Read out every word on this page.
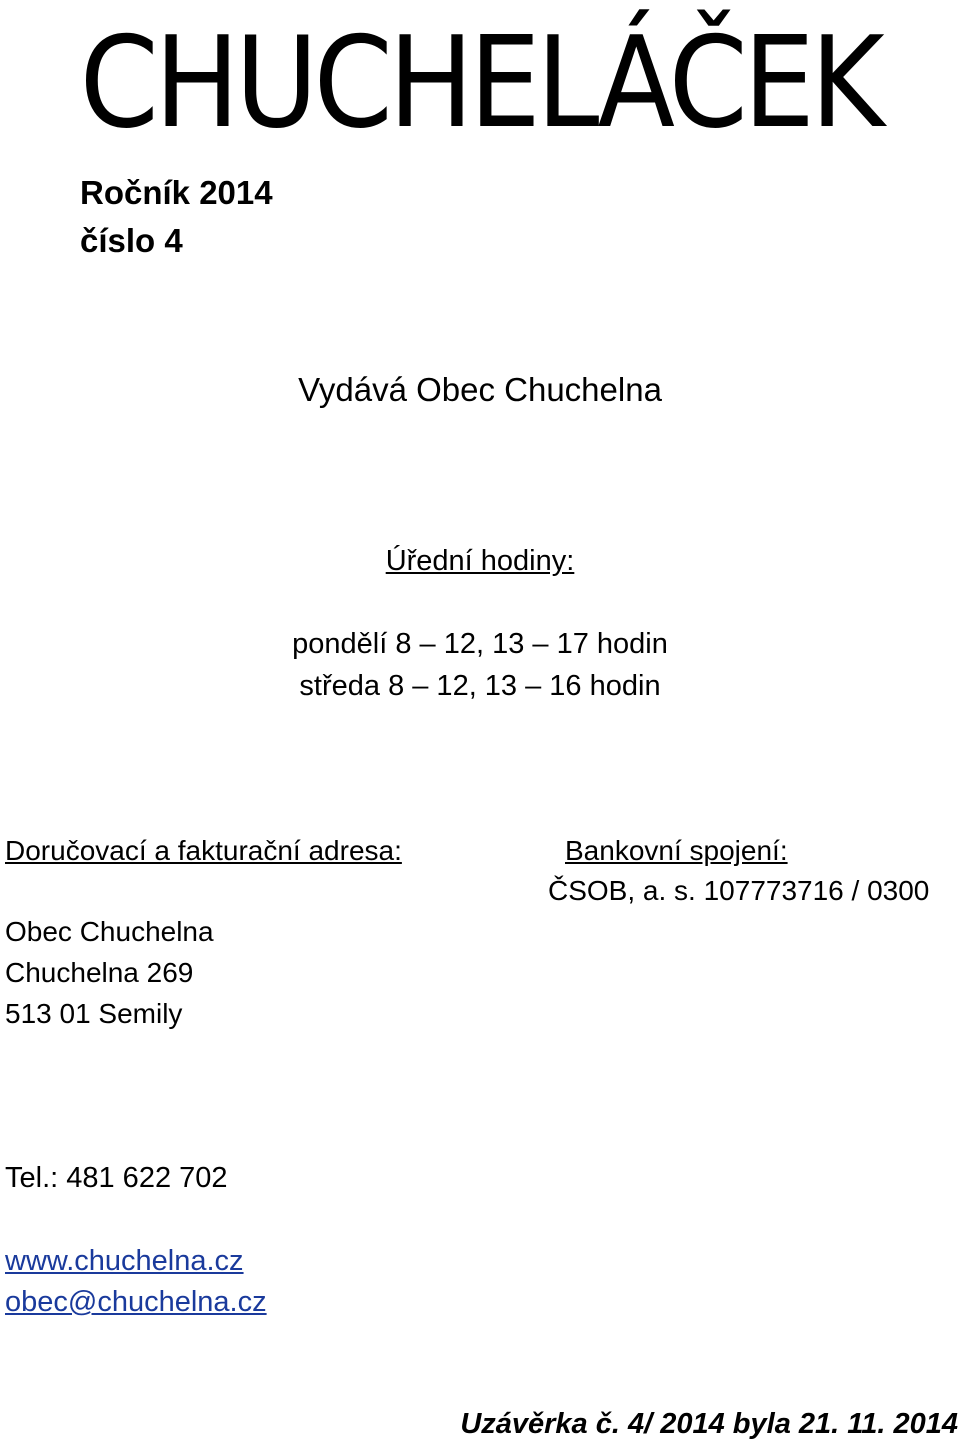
CHUCHELÁČEK
Ročník 2014
číslo 4
Vydává Obec Chuchelna
Úřední hodiny:
pondělí 8 – 12, 13 – 17 hodin
středa 8 – 12, 13 – 16 hodin
Doručovací a fakturační adresa:
Obec Chuchelna
Chuchelna 269
513 01 Semily
Bankovní spojení:
ČSOB, a. s. 107773716 / 0300
Tel.: 481 622 702
www.chuchelna.cz
obec@chuchelna.cz
Uzávěrka č. 4/ 2014 byla 21. 11. 2014
